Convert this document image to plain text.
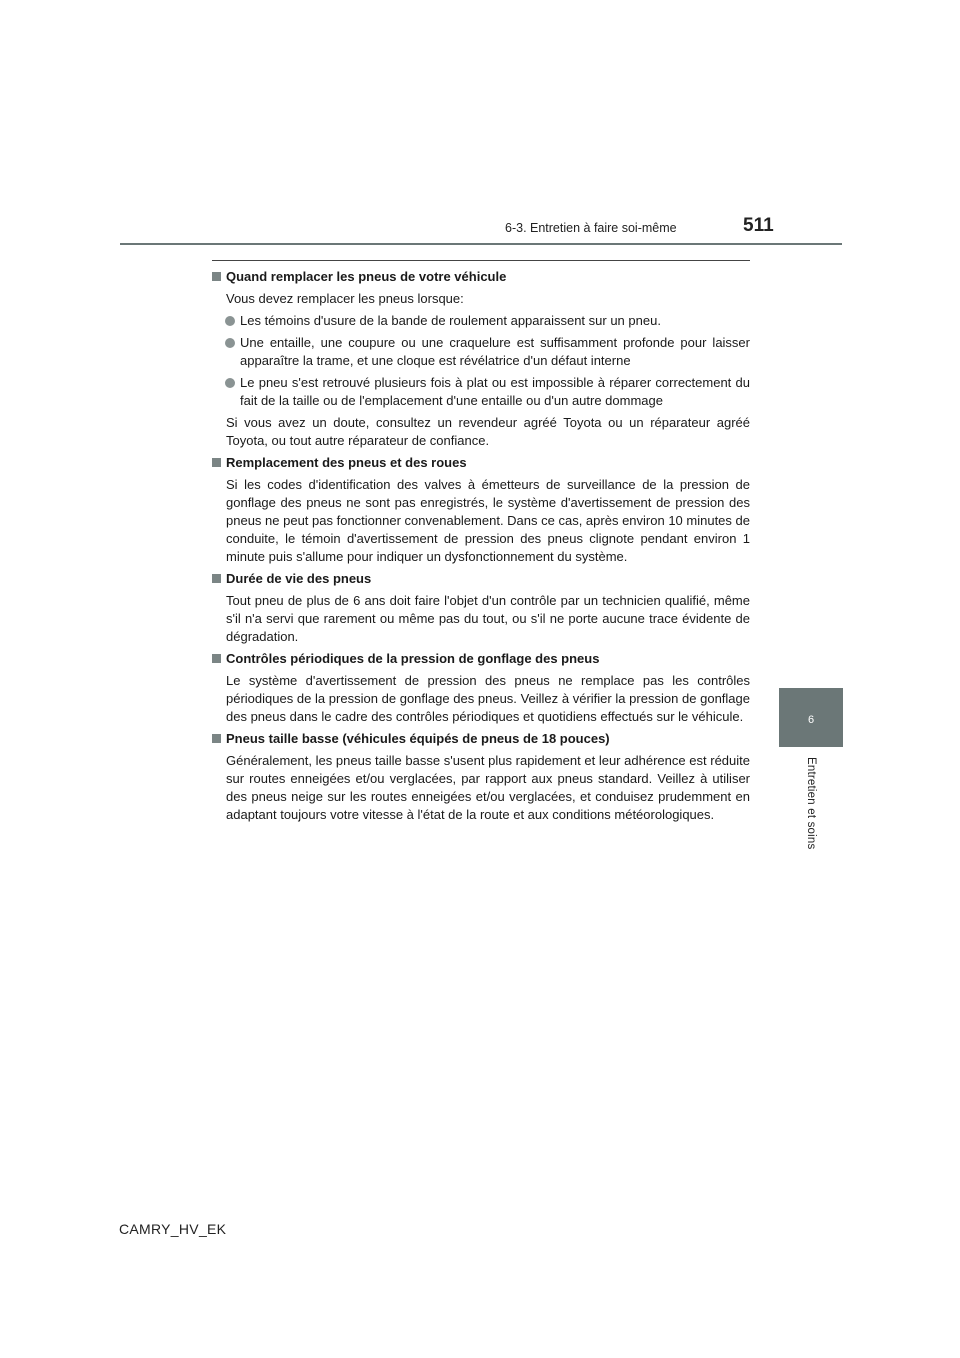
6-3. Entretien à faire soi-même	511
6
Entretien et soins
Quand remplacer les pneus de votre véhicule

Vous devez remplacer les pneus lorsque:

Les témoins d'usure de la bande de roulement apparaissent sur un pneu.
Une entaille, une coupure ou une craquelure est suffisamment profonde pour laisser apparaître la trame, et une cloque est révélatrice d'un défaut interne
Le pneu s'est retrouvé plusieurs fois à plat ou est impossible à réparer correctement du fait de la taille ou de l'emplacement d'une entaille ou d'un autre dommage

Si vous avez un doute, consultez un revendeur agréé Toyota ou un réparateur agréé Toyota, ou tout autre réparateur de confiance.

Remplacement des pneus et des roues

Si les codes d'identification des valves à émetteurs de surveillance de la pression de gonflage des pneus ne sont pas enregistrés, le système d'avertissement de pression des pneus ne peut pas fonctionner convenablement. Dans ce cas, après environ 10 minutes de conduite, le témoin d'avertissement de pression des pneus clignote pendant environ 1 minute puis s'allume pour indiquer un dysfonctionnement du système.

Durée de vie des pneus

Tout pneu de plus de 6 ans doit faire l'objet d'un contrôle par un technicien qualifié, même s'il n'a servi que rarement ou même pas du tout, ou s'il ne porte aucune trace évidente de dégradation.

Contrôles périodiques de la pression de gonflage des pneus

Le système d'avertissement de pression des pneus ne remplace pas les contrôles périodiques de la pression de gonflage des pneus. Veillez à vérifier la pression de gonflage des pneus dans le cadre des contrôles périodiques et quotidiens effectués sur le véhicule.

Pneus taille basse (véhicules équipés de pneus de 18 pouces)

Généralement, les pneus taille basse s'usent plus rapidement et leur adhérence est réduite sur routes enneigées et/ou verglacées, par rapport aux pneus standard. Veillez à utiliser des pneus neige sur les routes enneigées et/ou verglacées, et conduisez prudemment en adaptant toujours votre vitesse à l'état de la route et aux conditions météorologiques.

CAMRY_HV_EK
